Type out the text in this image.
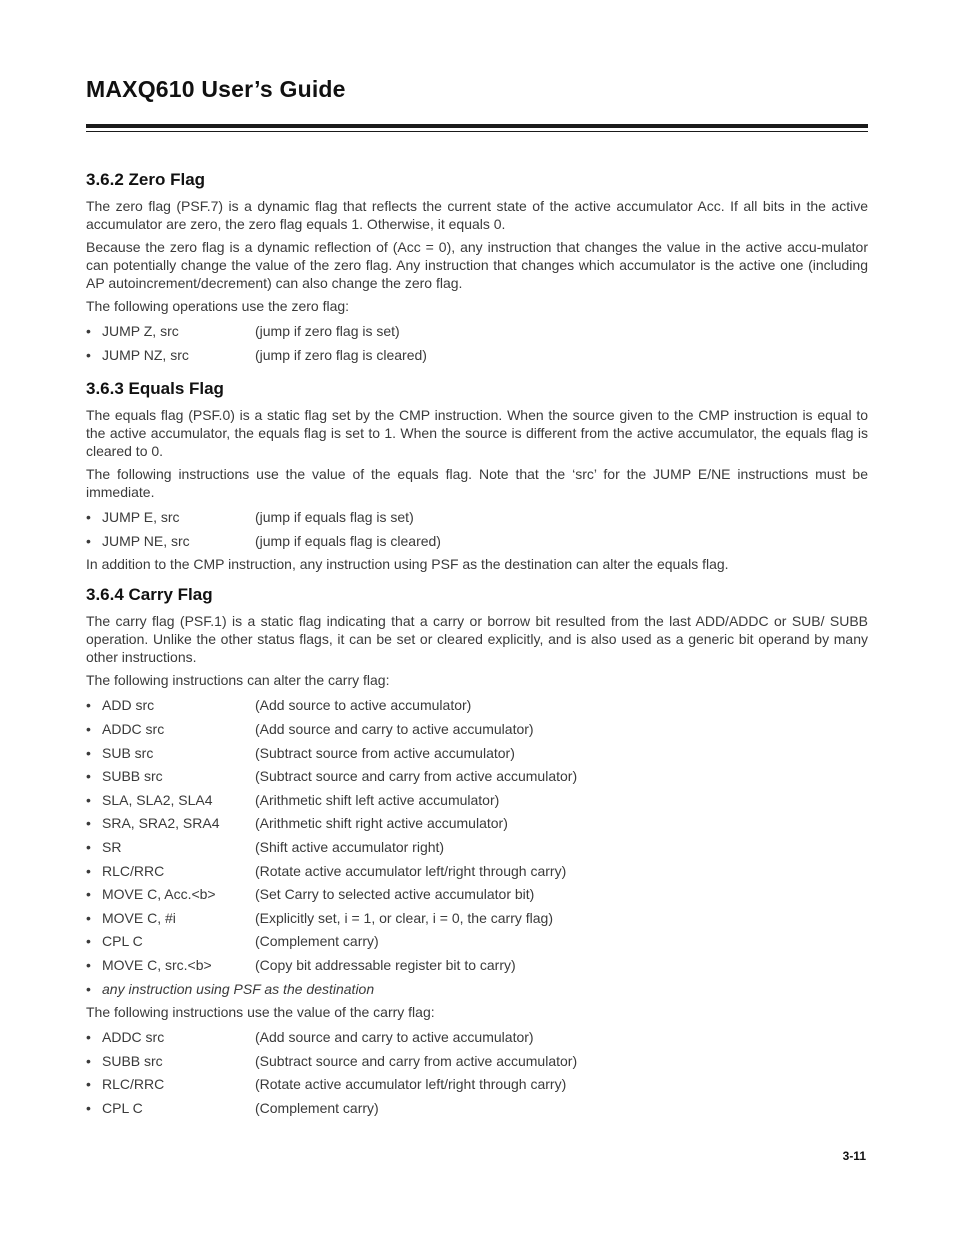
MAXQ610 User’s Guide
3.6.2 Zero Flag

The zero flag (PSF.7) is a dynamic flag that reflects the current state of the active accumulator Acc. If all bits in the active accumulator are zero, the zero flag equals 1. Otherwise, it equals 0.

Because the zero flag is a dynamic reflection of (Acc = 0), any instruction that changes the value in the active accu-mulator can potentially change the value of the zero flag. Any instruction that changes which accumulator is the active one (including AP autoincrement/decrement) can also change the zero flag.

The following operations use the zero flag:

• JUMP Z, src	(jump if zero flag is set)
• JUMP NZ, src	(jump if zero flag is cleared)
3.6.3 Equals Flag

The equals flag (PSF.0) is a static flag set by the CMP instruction. When the source given to the CMP instruction is equal to the active accumulator, the equals flag is set to 1. When the source is different from the active accumulator, the equals flag is cleared to 0.

The following instructions use the value of the equals flag. Note that the ‘src’ for the JUMP E/NE instructions must be immediate.

• JUMP E, src	(jump if equals flag is set)
• JUMP NE, src	(jump if equals flag is cleared)

In addition to the CMP instruction, any instruction using PSF as the destination can alter the equals flag.

3.6.4 Carry Flag

The carry flag (PSF.1) is a static flag indicating that a carry or borrow bit resulted from the last ADD/ADDC or SUB/ SUBB operation. Unlike the other status flags, it can be set or cleared explicitly, and is also used as a generic bit operand by many other instructions.

The following instructions can alter the carry flag:

• ADD src	(Add source to active accumulator)
• ADDC src	(Add source and carry to active accumulator)
• SUB src	(Subtract source from active accumulator)
• SUBB src	(Subtract source and carry from active accumulator)
• SLA, SLA2, SLA4	(Arithmetic shift left active accumulator)
• SRA, SRA2, SRA4	(Arithmetic shift right active accumulator)
• SR	(Shift active accumulator right)
• RLC/RRC	(Rotate active accumulator left/right through carry)
• MOVE C, Acc.<b>	(Set Carry to selected active accumulator bit)
• MOVE C, #i	(Explicitly set, i = 1, or clear, i = 0, the carry flag)
• CPL C	(Complement carry)
• MOVE C, src.<b>	(Copy bit addressable register bit to carry)
• any instruction using PSF as the destination

The following instructions use the value of the carry flag:

• ADDC src	(Add source and carry to active accumulator)
• SUBB src	(Subtract source and carry from active accumulator)
• RLC/RRC	(Rotate active accumulator left/right through carry)
• CPL C	(Complement carry)
3-11
